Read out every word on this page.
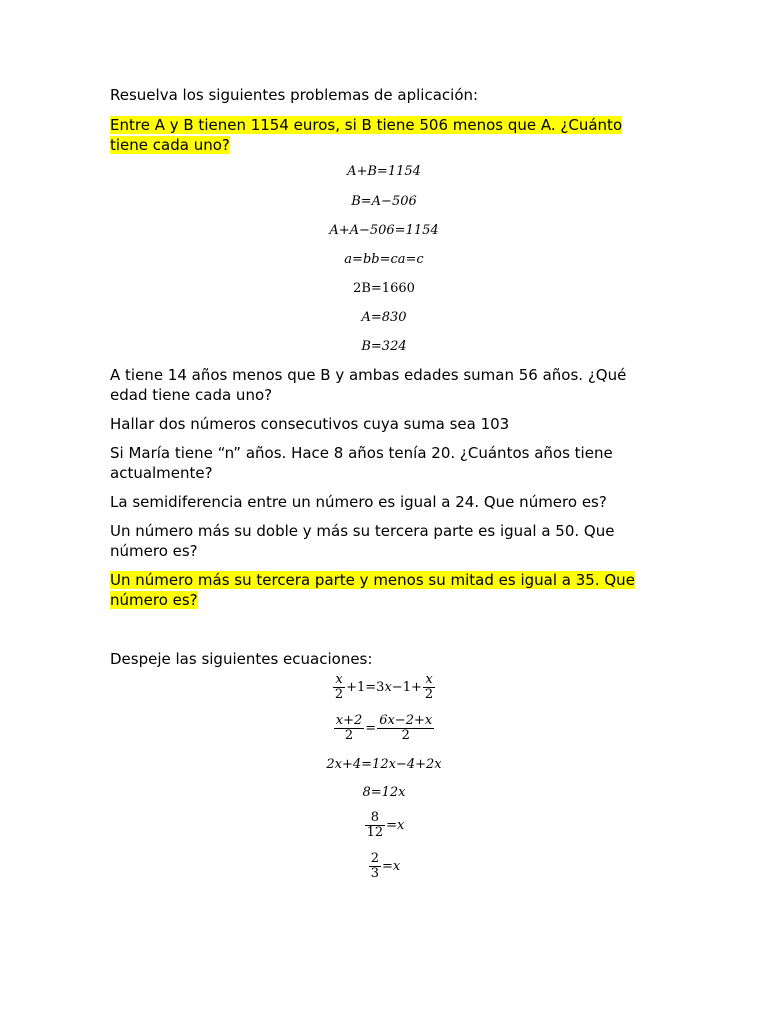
Resuelva los siguientes problemas de aplicación:

Entre A y B tienen 1154 euros, si B tiene 506 menos que A. ¿Cuánto tiene cada uno?

A+B=1154
B=A−506
A+A−506=1154
a=bb=ca=c
2B=1660
A=830
B=324

A tiene 14 años menos que B y ambas edades suman 56 años. ¿Qué edad tiene cada uno?

Hallar dos números consecutivos cuya suma sea 103

Si María tiene “n” años. Hace 8 años tenía 20. ¿Cuántos años tiene actualmente?

La semidiferencia entre un número es igual a 24. Que número es?

Un número más su doble y más su tercera parte es igual a 50. Que número es?

Un número más su tercera parte y menos su mitad es igual a 35. Que número es?

Despeje las siguientes ecuaciones:

$\frac{x}{2} +1=3x-1+ \frac{x}{2}$
$\frac{x+2}{2} = \frac{6x-2+x}{2}$
2x+4=12x−4+2x
8=12x
$\frac{8}{12} =x$
$\frac{2}{3} =x$
